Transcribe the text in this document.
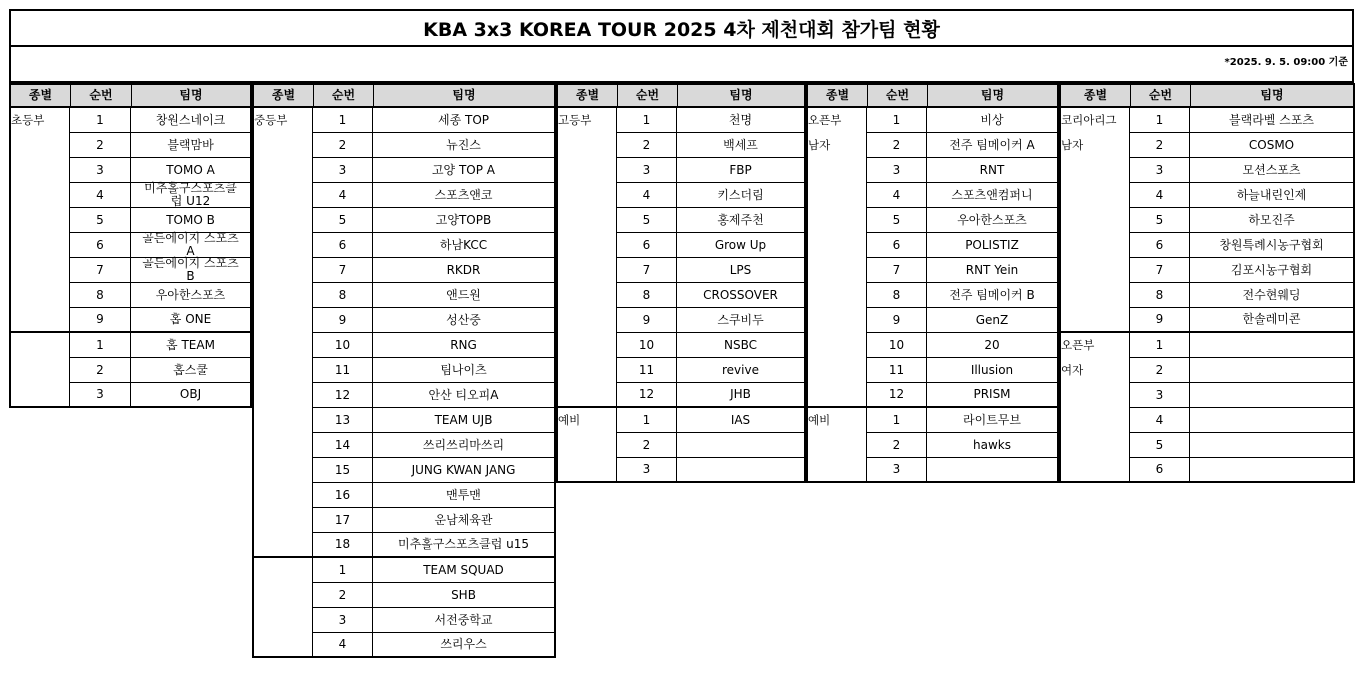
KBA 3x3 KOREA TOUR 2025 4차 제천대회 참가팀 현황
*2025. 9. 5. 09:00 기준
종별	순번	팀명
초등부	1	창원스네이크
2	블랙맘바
3	TOMO A
4	미추홀구스포츠클럽 U12
5	TOMO B
6	골든에이지 스포츠A
7	골든에이지 스포츠B
8	우아한스포츠
9	홉 ONE
1	홉 TEAM
2	홉스쿨
3	OBJ
종별	순번	팀명
중등부	1	세종 TOP
2	뉴진스
3	고양 TOP A
4	스포츠앤코
5	고양TOPB
6	하남KCC
7	RKDR
8	앤드원
9	성산중
10	RNG
11	팀나이츠
12	안산 티오피A
13	TEAM UJB
14	쓰리쓰리마쓰리
15	JUNG KWAN JANG
16	맨투맨
17	운남체육관
18	미추홀구스포츠클럽 u15
1	TEAM SQUAD
2	SHB
3	서전중학교
4	쓰리우스
종별	순번	팀명
고등부	1	천명
2	백세프
3	FBP
4	키스더림
5	홍제주천
6	Grow Up
7	LPS
8	CROSSOVER
9	스쿠비두
10	NSBC
11	revive
12	JHB
예비	1	IAS
2
3
종별	순번	팀명
오픈부
남자
1	비상
2	전주 팀메이커 A
3	RNT
4	스포츠앤컴퍼니
5	우아한스포츠
6	POLISTIZ
7	RNT Yein
8	전주 팀메이커 B
9	GenZ
10	20
11	Illusion
12	PRISM
예비	1	라이트무브
2	hawks
3
종별	순번	팀명
코리아리그
남자
1	블랙라벨 스포츠
2	COSMO
3	모션스포츠
4	하늘내린인제
5	하모진주
6	창원특례시농구협회
7	김포시농구협회
8	전수현웨딩
9	한솔레미콘
오픈부
여자
1
2
3
4
5
6
